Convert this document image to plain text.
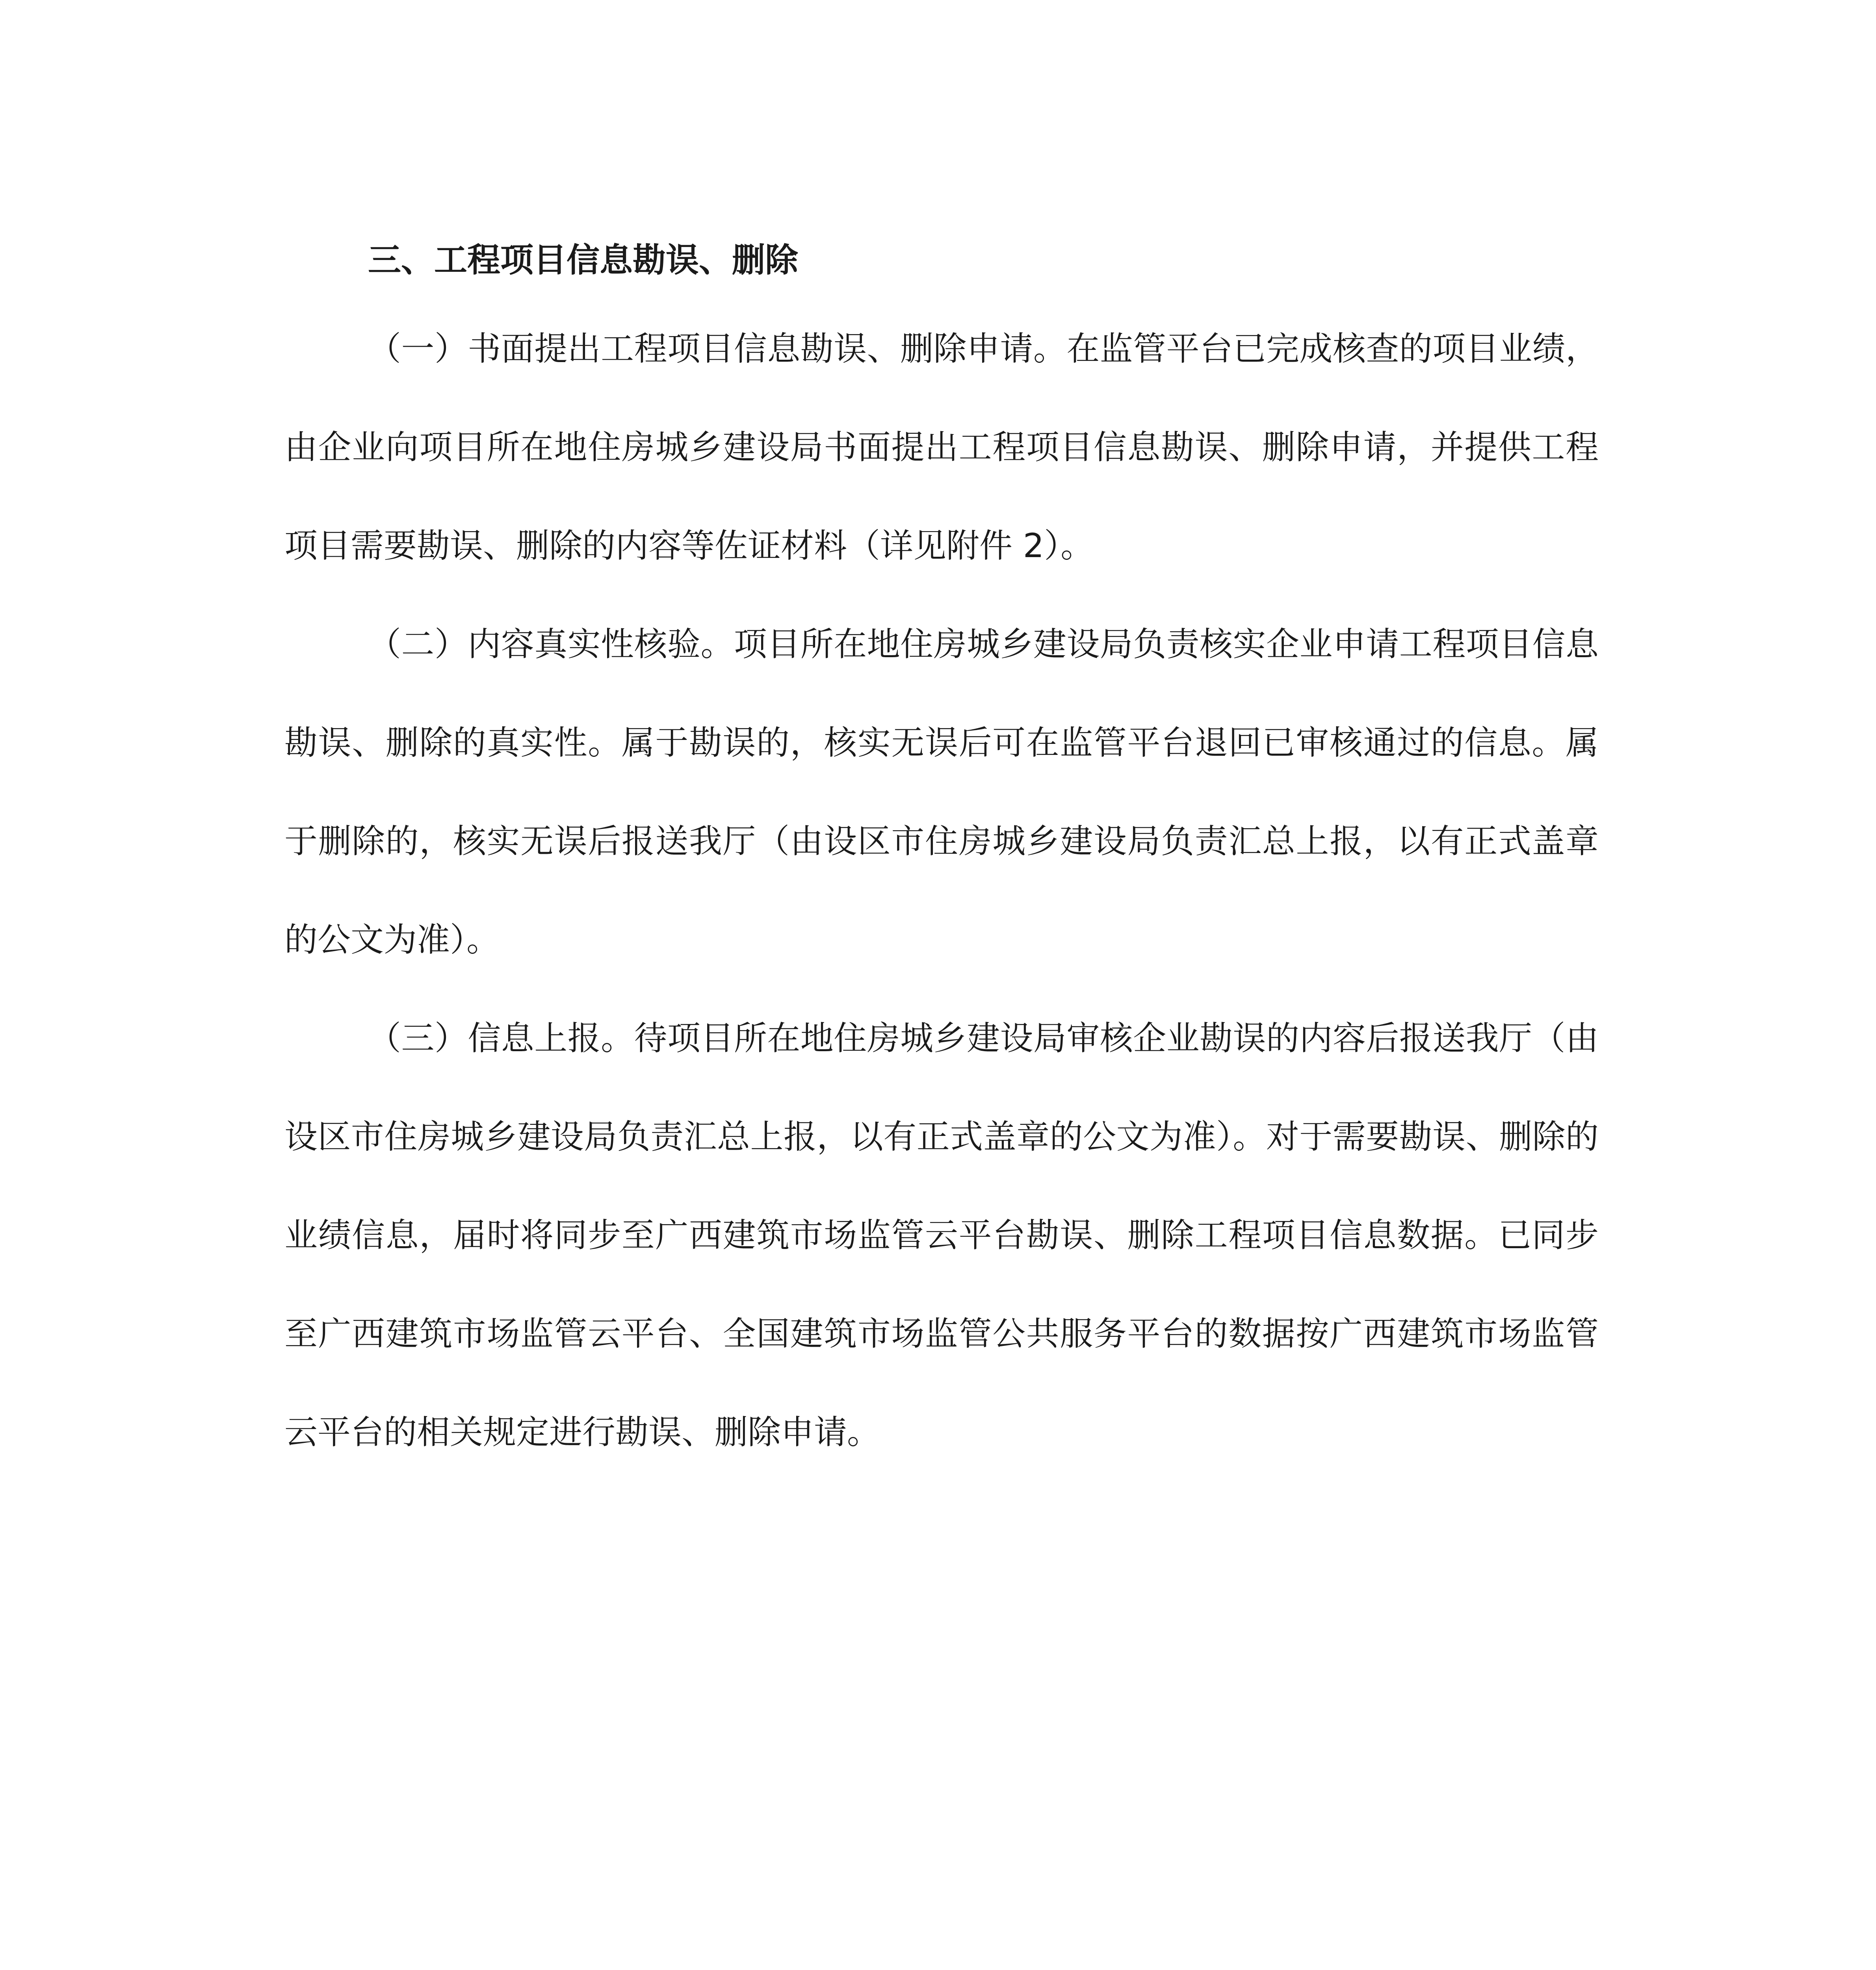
三、工程项目信息勘误、删除

（一）书面提出工程项目信息勘误、删除申请。在监管平台已完成核查的项目业绩，由企业向项目所在地住房城乡建设局书面提出工程项目信息勘误、删除申请，并提供工程项目需要勘误、删除的内容等佐证材料（详见附件 2）。

（二）内容真实性核验。项目所在地住房城乡建设局负责核实企业申请工程项目信息勘误、删除的真实性。属于勘误的，核实无误后可在监管平台退回已审核通过的信息。属于删除的，核实无误后报送我厅（由设区市住房城乡建设局负责汇总上报，以有正式盖章的公文为准）。

（三）信息上报。待项目所在地住房城乡建设局审核企业勘误的内容后报送我厅（由设区市住房城乡建设局负责汇总上报，以有正式盖章的公文为准）。对于需要勘误、删除的业绩信息，届时将同步至广西建筑市场监管云平台勘误、删除工程项目信息数据。已同步至广西建筑市场监管云平台、全国建筑市场监管公共服务平台的数据按广西建筑市场监管云平台的相关规定进行勘误、删除申请。
